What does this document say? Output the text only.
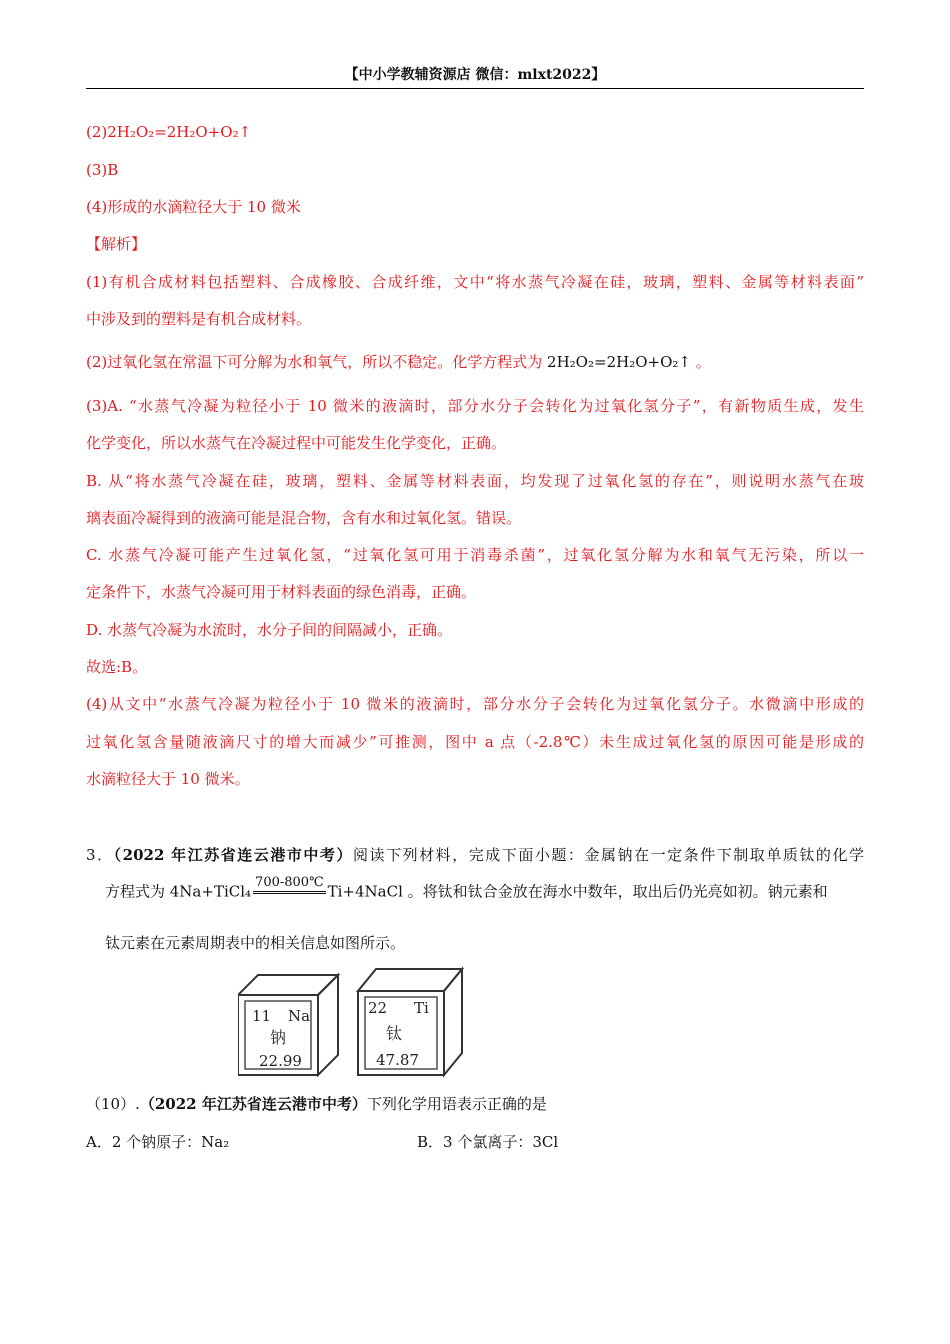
【中小学教辅资源店 微信：mlxt2022】
(2)2H₂O₂=2H₂O+O₂↑
(3)B
(4)形成的水滴粒径大于 10 微米
【解析】
(1)有机合成材料包括塑料、合成橡胶、合成纤维，文中“将水蒸气冷凝在硅，玻璃，塑料、金属等材料表面”
中涉及到的塑料是有机合成材料。
(2)过氧化氢在常温下可分解为水和氧气，所以不稳定。化学方程式为 2H₂O₂=2H₂O+O₂↑ 。
(3)A. “水蒸气冷凝为粒径小于 10 微米的液滴时，部分水分子会转化为过氧化氢分子”，有新物质生成，发生
化学变化，所以水蒸气在冷凝过程中可能发生化学变化，正确。
B. 从“将水蒸气冷凝在硅，玻璃，塑料、金属等材料表面，均发现了过氧化氢的存在”，则说明水蒸气在玻
璃表面冷凝得到的液滴可能是混合物，含有水和过氧化氢。错误。
C. 水蒸气冷凝可能产生过氧化氢，“过氧化氢可用于消毒杀菌”，过氧化氢分解为水和氧气无污染，所以一
定条件下，水蒸气冷凝可用于材料表面的绿色消毒，正确。
D. 水蒸气冷凝为水流时，水分子间的间隔减小，正确。
故选:B。
(4)从文中“水蒸气冷凝为粒径小于 10 微米的液滴时，部分水分子会转化为过氧化氢分子。水微滴中形成的
过氧化氢含量随液滴尺寸的增大而减少”可推测，图中 a 点（-2.8℃）未生成过氧化氢的原因可能是形成的
水滴粒径大于 10 微米。
3．（2022 年江苏省连云港市中考）阅读下列材料，完成下面小题：金属钠在一定条件下制取单质钛的化学
方程式为 4Na+TiCl₄ 700-800℃ Ti+4NaCl 。将钛和钛合金放在海水中数年，取出后仍光亮如初。钠元素和
钛元素在元素周期表中的相关信息如图所示。
11 Na
钠
22.99
22 Ti
钛
47.87
（10）.（2022 年江苏省连云港市中考）下列化学用语表示正确的是
A．2 个钠原子：Na₂	B．3 个氯离子：3Cl
